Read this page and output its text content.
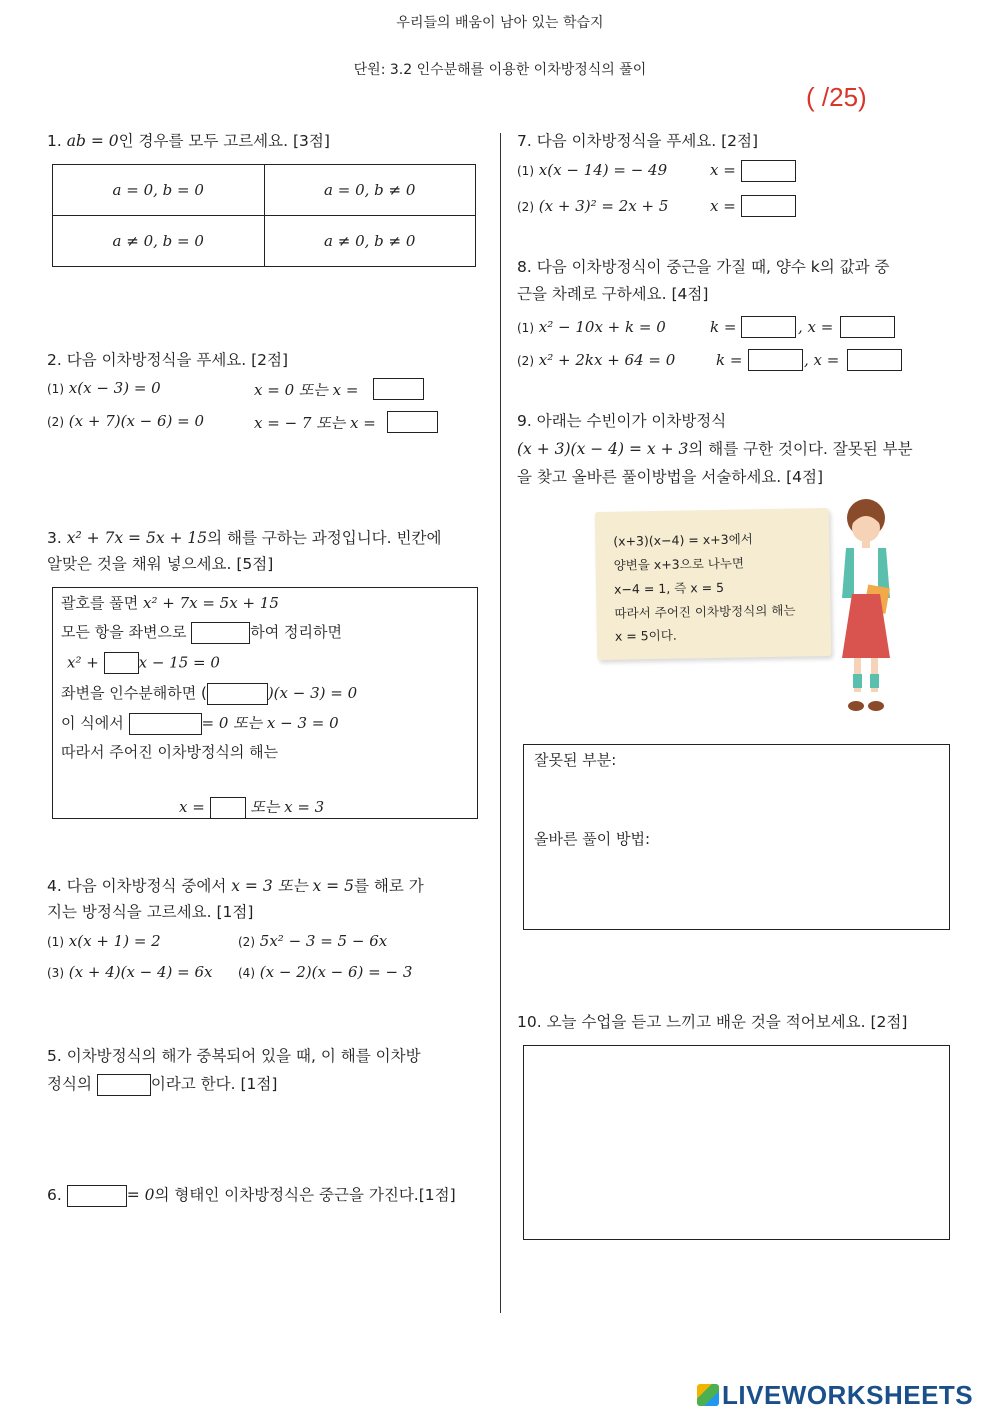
우리들의 배움이 남아 있는 학습지
단원: 3.2 인수분해를 이용한 이차방정식의 풀이
( /25)
1. ab = 0인 경우를 모두 고르세요. [3점]
a = 0, b = 0	a = 0, b ≠ 0
a ≠ 0, b = 0	a ≠ 0, b ≠ 0
2. 다음 이차방정식을 푸세요. [2점]
(1) x(x − 3) = 0	x = 0 또는 x =
(2) (x + 7)(x − 6) = 0	x = − 7 또는 x =
3. x² + 7x = 5x + 15의 해를 구하는 과정입니다. 빈칸에
알맞은 것을 채워 넣으세요. [5점]
괄호를 풀면 x² + 7x = 5x + 15
모든 항을 좌변으로	하여 정리하면
x² +	x − 15 = 0
좌변을 인수분해하면 (	)(x − 3) = 0
이 식에서	= 0 또는 x − 3 = 0
따라서 주어진 이차방정식의 해는
x =	또는 x = 3
4. 다음 이차방정식 중에서 x = 3 또는 x = 5를 해로 가
지는 방정식을 고르세요. [1점]
(1) x(x + 1) = 2	(2) 5x² − 3 = 5 − 6x
(3) (x + 4)(x − 4) = 6x (4) (x − 2)(x − 6) = − 3
5. 이차방정식의 해가 중복되어 있을 때, 이 해를 이차방
정식의	이라고 한다. [1점]
6.	= 0의 형태인 이차방정식은 중근을 가진다.[1점]
7. 다음 이차방정식을 푸세요. [2점]
(1) x(x − 14) = − 49	x =
(2) (x + 3)² = 2x + 5	x =
8. 다음 이차방정식이 중근을 가질 때, 양수 k의 값과 중
근을 차례로 구하세요. [4점]
(1) x² − 10x + k = 0	k =	, x =
(2) x² + 2kx + 64 = 0	k =	, x =
9. 아래는 수빈이가 이차방정식
(x + 3)(x − 4) = x + 3의 해를 구한 것이다. 잘못된 부분
을 찾고 올바른 풀이방법을 서술하세요. [4점]
(x+3)(x−4) = x+3에서
양변을 x+3으로 나누면
x−4 = 1, 즉 x = 5
따라서 주어진 이차방정식의 해는
x = 5이다.
잘못된 부분:
올바른 풀이 방법:
10. 오늘 수업을 듣고 느끼고 배운 것을 적어보세요. [2점]
LIVEWORKSHEETS
